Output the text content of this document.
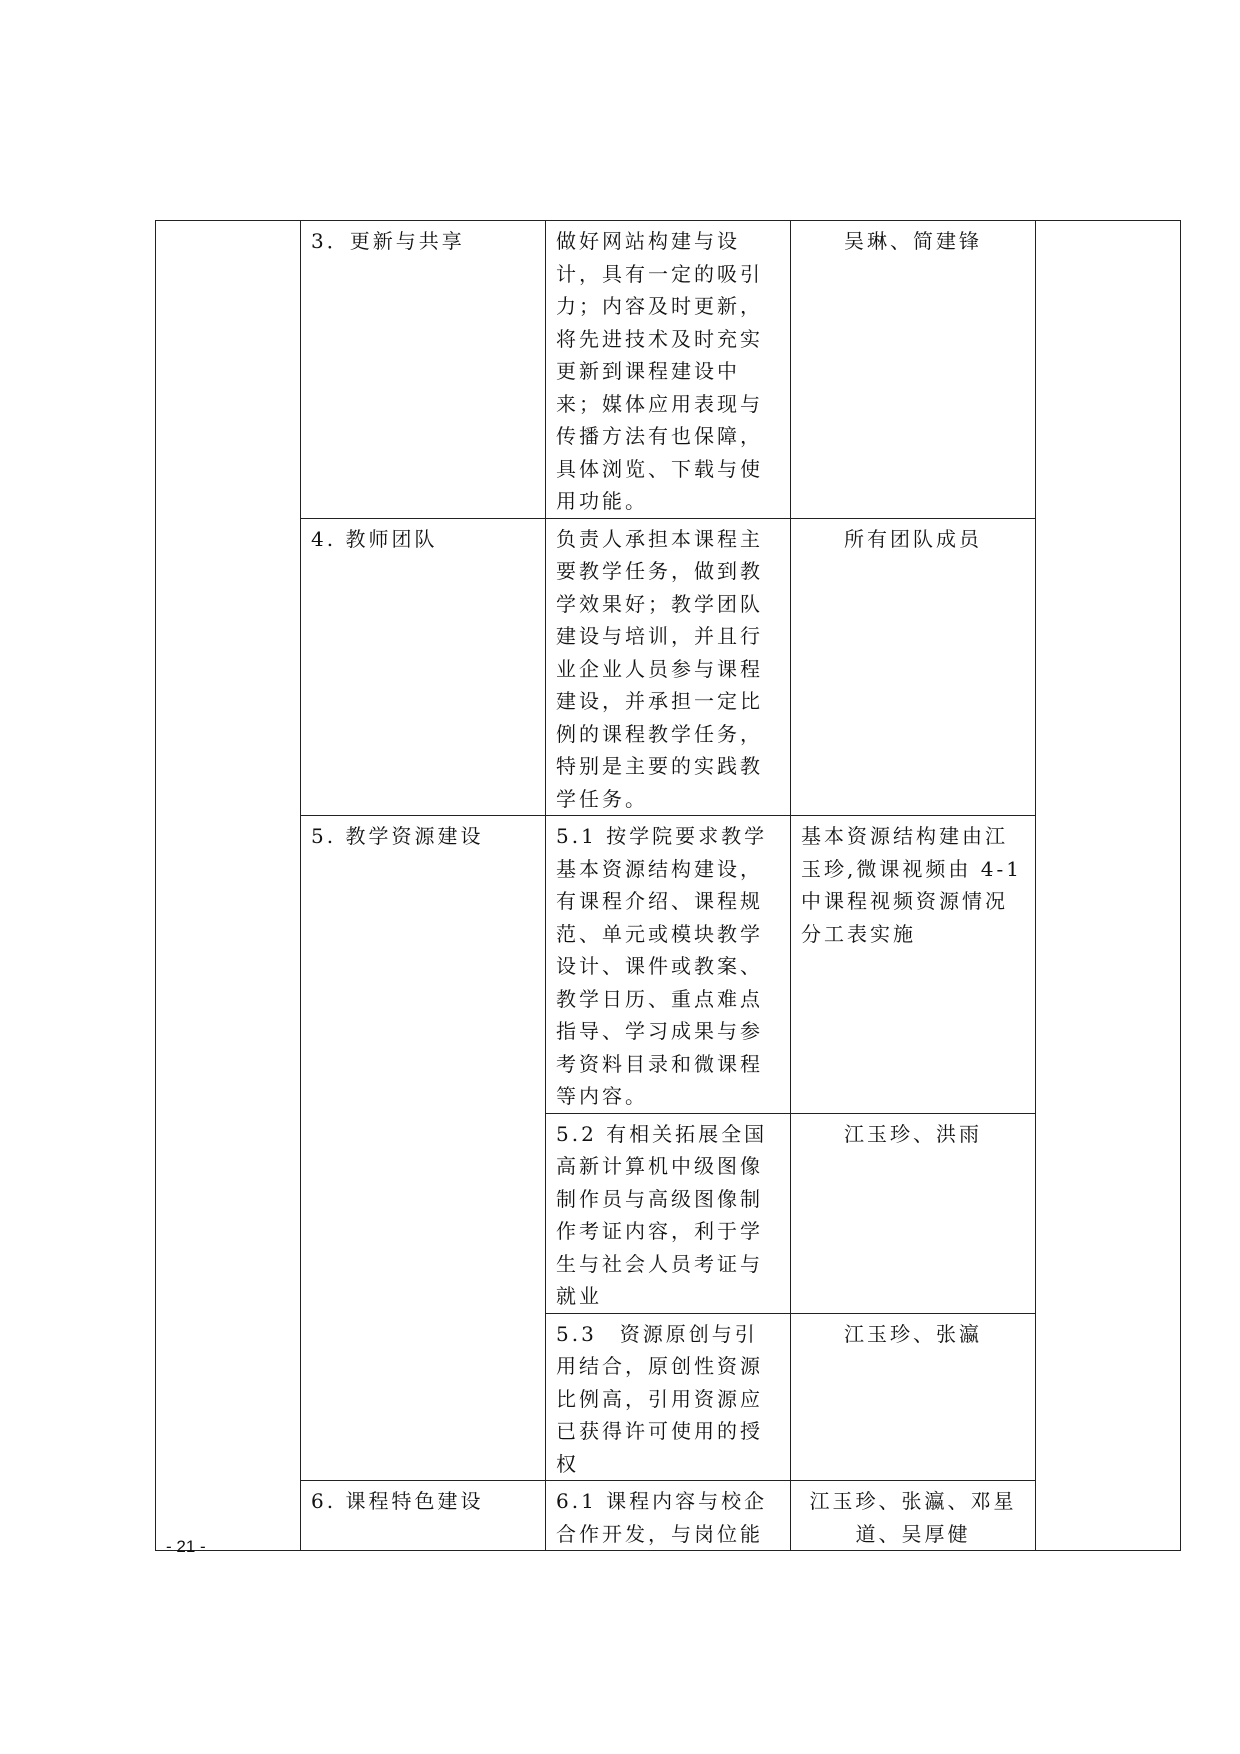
	3．更新与共享	做好网站构建与设计，具有一定的吸引力；内容及时更新，将先进技术及时充实更新到课程建设中来；媒体应用表现与传播方法有也保障，具体浏览、下载与使用功能。	吴琳、简建锋	

	4. 教师团队	负责人承担本课程主要教学任务，做到教学效果好；教学团队建设与培训，并且行业企业人员参与课程建设，并承担一定比例的课程教学任务，特别是主要的实践教学任务。	所有团队成员	

	5. 教学资源建设	5.1 按学院要求教学基本资源结构建设，有课程介绍、课程规范、单元或模块教学设计、课件或教案、教学日历、重点难点指导、学习成果与参考资料目录和微课程等内容。	基本资源结构建由江玉珍,微课视频由 4-1 中课程视频资源情况分工表实施	
		5.2 有相关拓展全国高新计算机中级图像制作员与高级图像制作考证内容，利于学生与社会人员考证与就业	江玉珍、洪雨	

		5.3　资源原创与引用结合，原创性资源比例高，引用资源应已获得许可使用的授权	江玉珍、张瀛	

	6. 课程特色建设	6.1 课程内容与校企合作开发，与岗位能	江玉珍、张瀛、邓星道、吴厚健	
- 21 -
